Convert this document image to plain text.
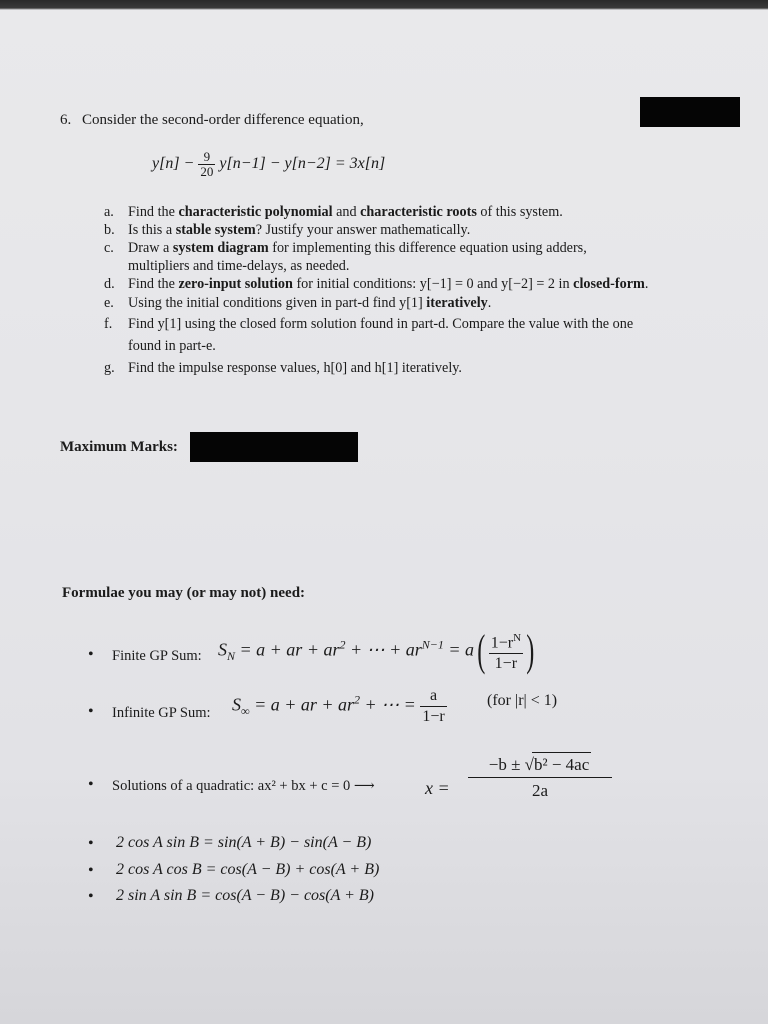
6. Consider the second-order difference equation,
$y[n] - \frac{9}{20} y[n-1] - y[n-2] = 3x[n]$
a. Find the characteristic polynomial and characteristic roots of this system.
b. Is this a stable system? Justify your answer mathematically.
c. Draw a system diagram for implementing this difference equation using adders,
multipliers and time-delays, as needed.
d. Find the zero-input solution for initial conditions: y[−1] = 0 and y[−2] = 2 in closed-form.
e. Using the initial conditions given in part-d find y[1] iteratively.
f. Find y[1] using the closed form solution found in part-d. Compare the value with the one
found in part-e.
g. Find the impulse response values, h[0] and h[1] iteratively.
Maximum Marks:
Formulae you may (or may not) need:
• Finite GP Sum: $S_N = a$ + ar + $ar^2$ + ⋯ + $ar^{N-1} = a( \frac{1-r^N}{1-r}$ )
• Infinite GP Sum: $S_\infty = a$ + ar + $ar^2$ + ⋯ = $\frac{a}{1-r}$	(for |r| < 1)
• Solutions of a quadratic: ax² + bx + c = 0 ⟶	$x = \frac{\text{−b ± √b² − 4ac}}{2a}$
• 2 cos A sin B = sin(A + B) − sin(A − B)
• 2 cos A cos B = cos(A − B) + cos(A + B)
• 2 sin A sin B = cos(A − B) − cos(A + B)
